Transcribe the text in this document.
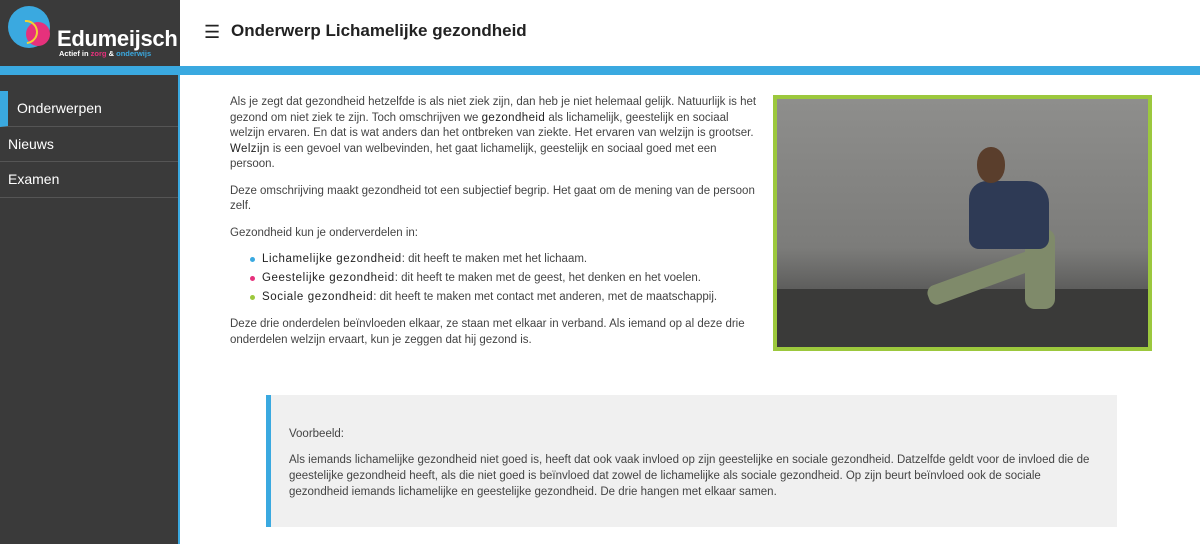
Edumeijsch
Actief in zorg & onderwijs
☰ Onderwerp Lichamelijke gezondheid
Onderwerpen
Nieuws
Examen

Als je zegt dat gezondheid hetzelfde is als niet ziek zijn, dan heb je niet helemaal gelijk. Natuurlijk is het gezond om niet ziek te zijn. Toch omschrijven we gezondheid als lichamelijk, geestelijk en sociaal welzijn ervaren. En dat is wat anders dan het ontbreken van ziekte. Het ervaren van welzijn is grootser. Welzijn is een gevoel van welbevinden, het gaat lichamelijk, geestelijk en sociaal goed met een persoon.

Deze omschrijving maakt gezondheid tot een subjectief begrip. Het gaat om de mening van de persoon zelf.

Gezondheid kun je onderverdelen in:

Lichamelijke gezondheid: dit heeft te maken met het lichaam.
Geestelijke gezondheid: dit heeft te maken met de geest, het denken en het voelen.
Sociale gezondheid: dit heeft te maken met contact met anderen, met de maatschappij.

Deze drie onderdelen beïnvloeden elkaar, ze staan met elkaar in verband. Als iemand op al deze drie onderdelen welzijn ervaart, kun je zeggen dat hij gezond is.

Voorbeeld:

Als iemands lichamelijke gezondheid niet goed is, heeft dat ook vaak invloed op zijn geestelijke en sociale gezondheid. Datzelfde geldt voor de invloed die de geestelijke gezondheid heeft, als die niet goed is beïnvloed dat zowel de lichamelijke als sociale gezondheid. Op zijn beurt beïnvloed ook de sociale gezondheid iemands lichamelijke en geestelijke gezondheid. De drie hangen met elkaar samen.
